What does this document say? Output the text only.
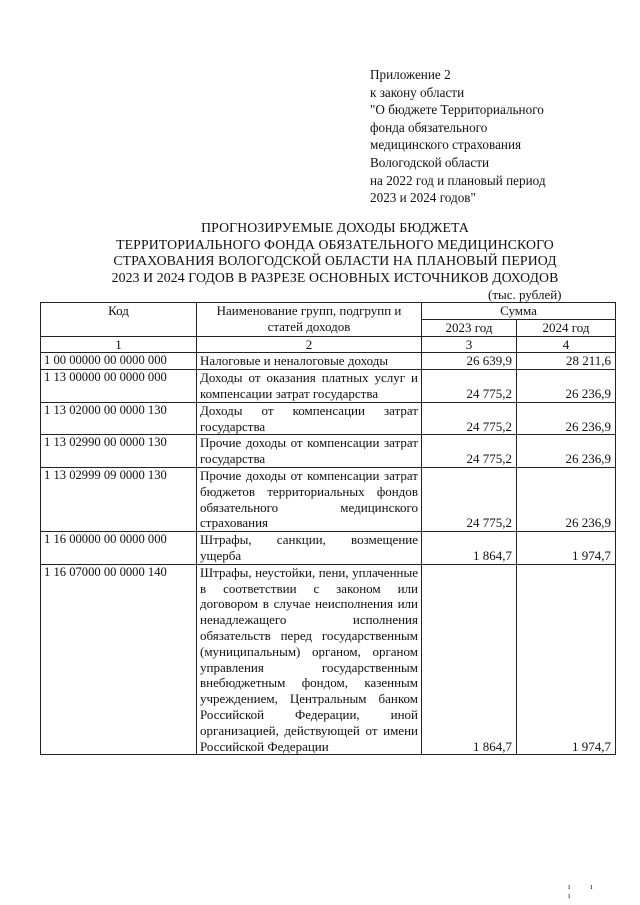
Приложение 2
к закону области
"О бюджете Территориального
фонда обязательного
медицинского страхования
Вологодской области
на 2022 год и плановый период
2023 и 2024 годов"
ПРОГНОЗИРУЕМЫЕ ДОХОДЫ БЮДЖЕТА
ТЕРРИТОРИАЛЬНОГО ФОНДА ОБЯЗАТЕЛЬНОГО МЕДИЦИНСКОГО
СТРАХОВАНИЯ ВОЛОГОДСКОЙ ОБЛАСТИ НА ПЛАНОВЫЙ ПЕРИОД
2023 И 2024 ГОДОВ В РАЗРЕЗЕ ОСНОВНЫХ ИСТОЧНИКОВ ДОХОДОВ
(тыс. рублей)
Код	Наименование групп, подгрупп и статей доходов	Сумма	
		2023 год	2024 год
1	2	3	4
1 00 00000 00 0000 000	Налоговые и неналоговые доходы	26 639,9	28 211,6
1 13 00000 00 0000 000	Доходы от оказания платных услуг и компенсации затрат государства	24 775,2	26 236,9
1 13 02000 00 0000 130	Доходы от компенсации затрат государства	24 775,2	26 236,9
1 13 02990 00 0000 130	Прочие доходы от компенсации затрат государства	24 775,2	26 236,9
1 13 02999 09 0000 130	Прочие доходы от компенсации затрат бюджетов территориальных фондов обязательного медицинского страхования	24 775,2	26 236,9
1 16 00000 00 0000 000	Штрафы, санкции, возмещение ущерба	1 864,7	1 974,7
1 16 07000 00 0000 140	Штрафы, неустойки, пени, уплаченные в соответствии с законом или договором в случае неисполнения или ненадлежащего исполнения обязательств перед государственным (муниципальным) органом, органом управления государственным внебюджетным фондом, казенным учреждением, Центральным банком Российской Федерации, иной организацией, действующей от имени Российской Федерации	1 864,7	1 974,7
ıı ı
